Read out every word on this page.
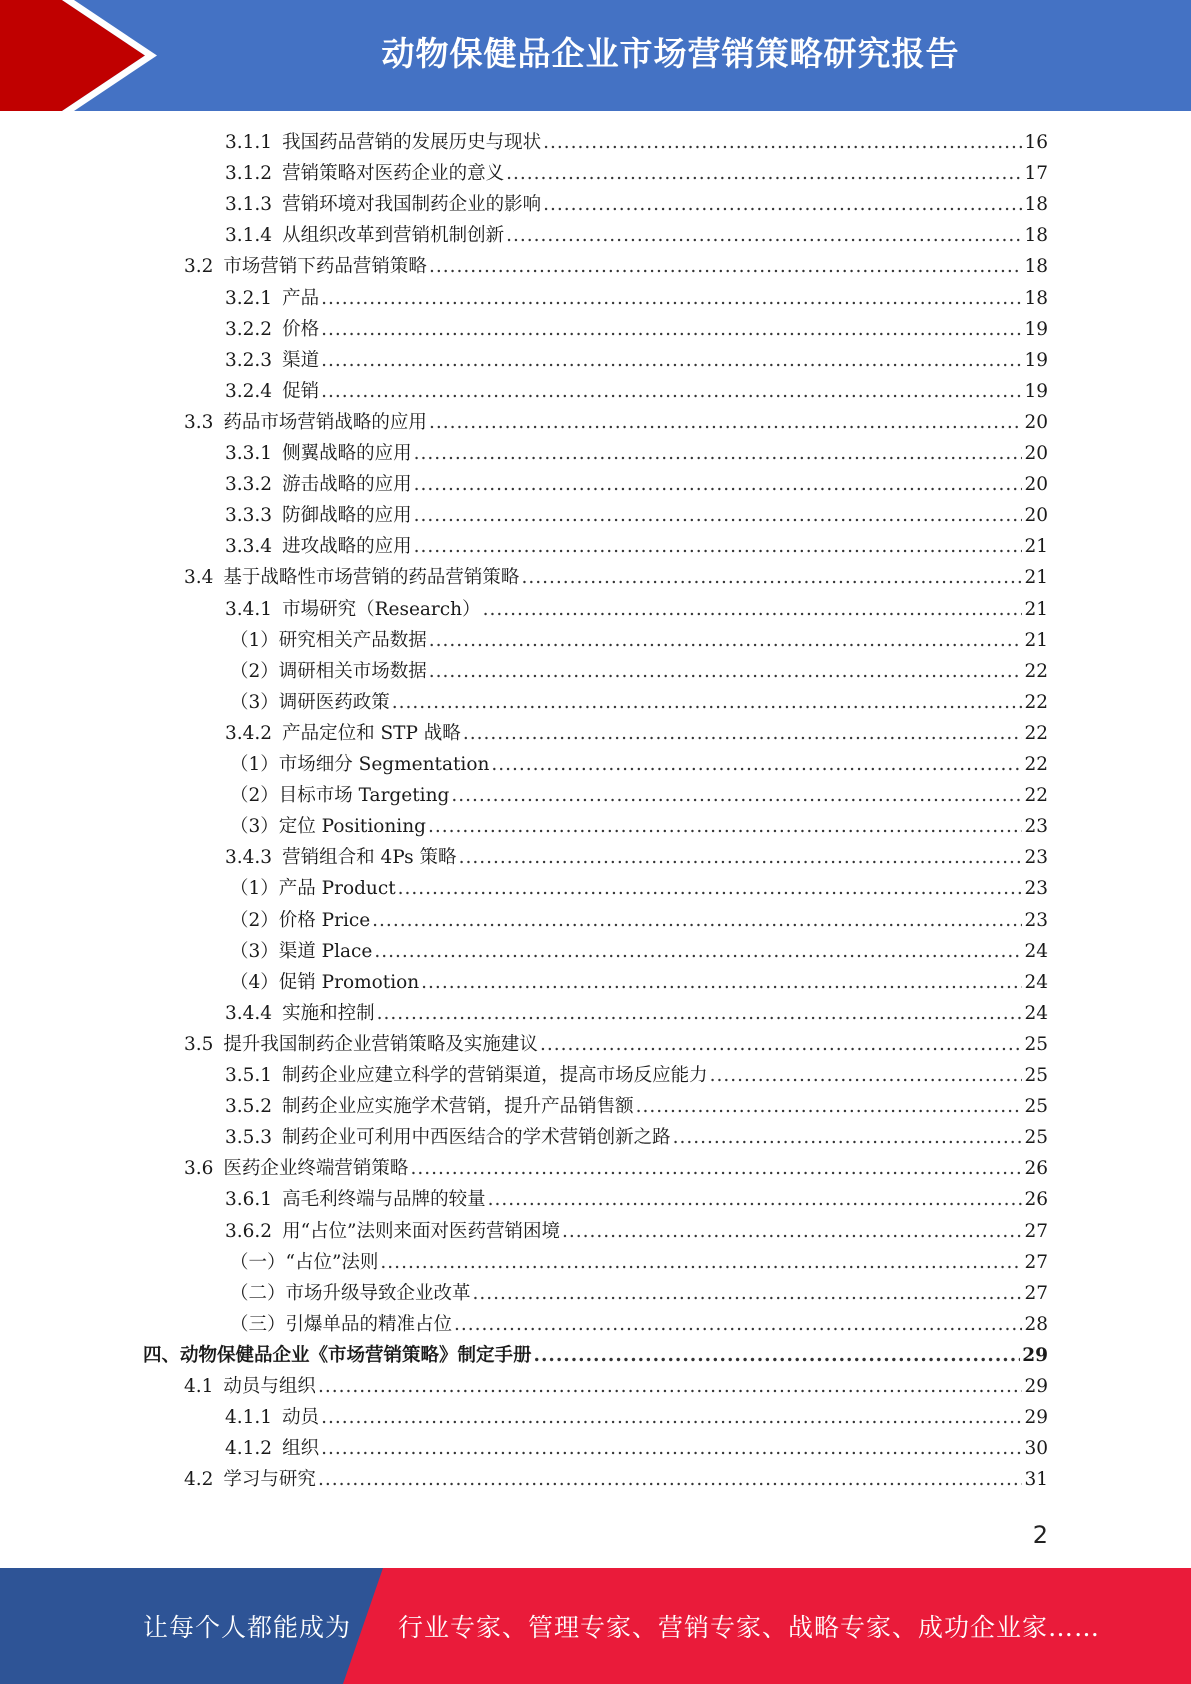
动物保健品企业市场营销策略研究报告
3.1.1 我国药品营销的发展历史与现状 .....	16
3.1.2 营销策略对医药企业的意义 .....	17
3.1.3 营销环境对我国制药企业的影响 .....	18
3.1.4 从组织改革到营销机制创新 .....	18
3.2 市场营销下药品营销策略 .....	18
3.2.1 产品 .....	18
3.2.2 价格 .....	19
3.2.3 渠道 .....	19
3.2.4 促销 .....	19
3.3 药品市场营销战略的应用 .....	20
3.3.1 侧翼战略的应用 .....	20
3.3.2 游击战略的应用 .....	20
3.3.3 防御战略的应用 .....	20
3.3.4 进攻战略的应用 .....	21
3.4 基于战略性市场营销的药品营销策略 .....	21
3.4.1 市場研究（Research） .....	21
（1）研究相关产品数据 .....	21
（2）调研相关市场数据 .....	22
（3）调研医药政策 .....	22
3.4.2 产品定位和 STP 战略 .....	22
（1）市场细分 Segmentation .....	22
（2）目标市场 Targeting .....	22
（3）定位 Positioning .....	23
3.4.3 营销组合和 4Ps 策略 .....	23
（1）产品 Product .....	23
（2）价格 Price .....	23
（3）渠道 Place .....	24
（4）促销 Promotion .....	24
3.4.4 实施和控制 .....	24
3.5 提升我国制药企业营销策略及实施建议 .....	25
3.5.1 制药企业应建立科学的营销渠道，提高市场反应能力 .....	25
3.5.2 制药企业应实施学术营销，提升产品销售额 .....	25
3.5.3 制药企业可利用中西医结合的学术营销创新之路 .....	25
3.6 医药企业终端营销策略 .....	26
3.6.1 高毛利终端与品牌的较量 .....	26
3.6.2 用“占位”法则来面对医药营销困境 .....	27
（一）“占位”法则 .....	27
（二）市场升级导致企业改革 .....	27
（三）引爆单品的精准占位 .....	28
四、动物保健品企业《市场营销策略》制定手册 .....	29
4.1 动员与组织 .....	29
4.1.1 动员 .....	29
4.1.2 组织 .....	30
4.2 学习与研究 .....	31
2
让每个人都能成为 行业专家、管理专家、营销专家、战略专家、成功企业家……
